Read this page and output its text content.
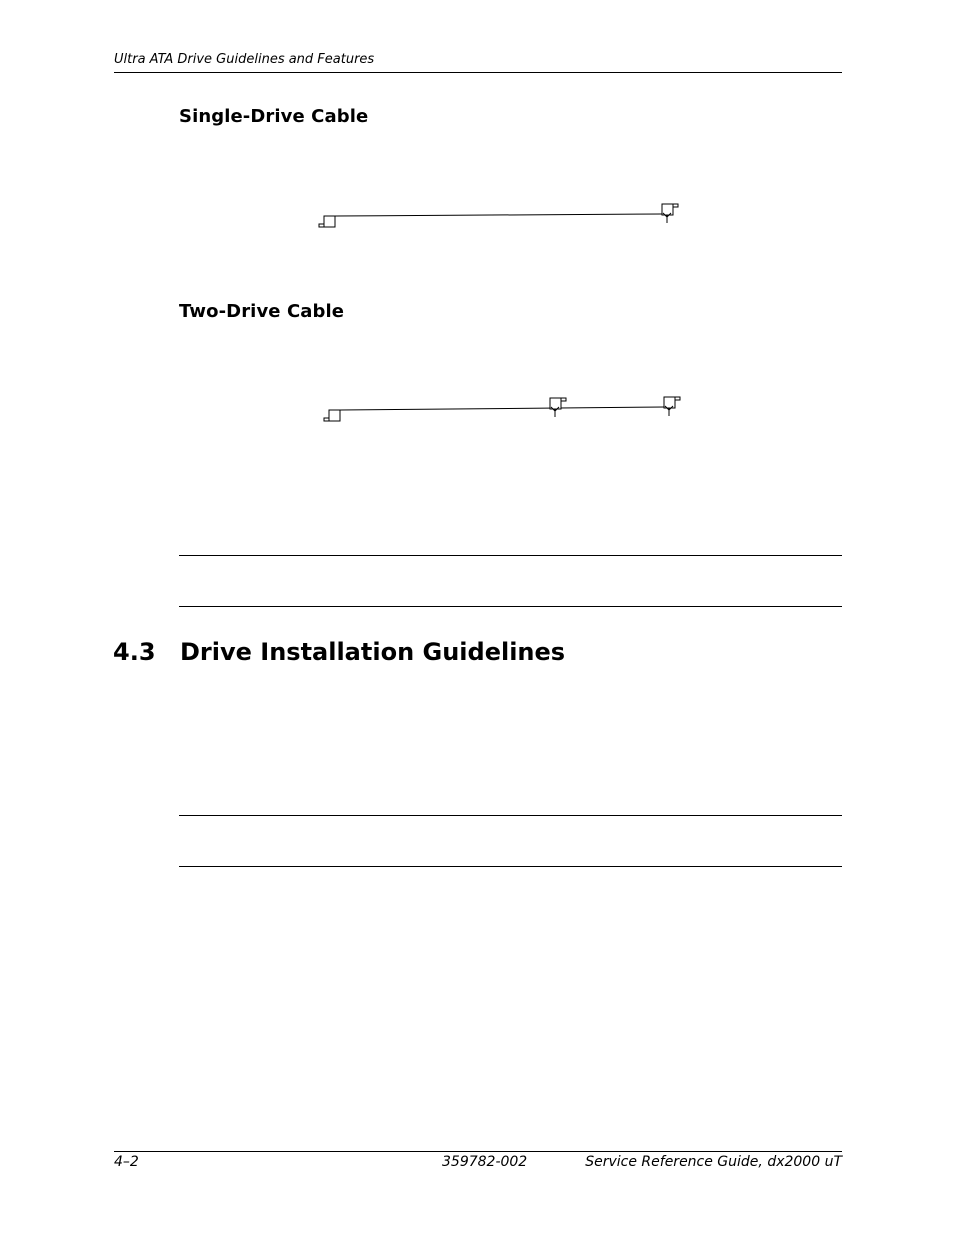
Ultra ATA Drive Guidelines and Features
Single-Drive Cable
Two-Drive Cable
4.3 Drive Installation Guidelines
4–2	359782-002	Service Reference Guide, dx2000 uT
